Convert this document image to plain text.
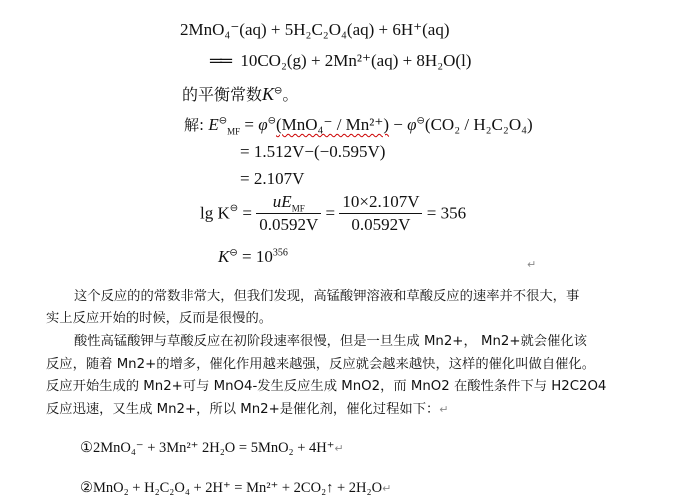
2MnO₄⁻(aq) + 5H₂C₂O₄(aq) + 6H⁺(aq)
══ 10CO₂(g) + 2Mn²⁺(aq) + 8H₂O(l)
的平衡常数K⊖。
解: $E^⊖_{MF} = \varphi^⊖(MnO_4^- / Mn^{2+}) - \varphi^⊖(CO_2 / H_2C_2O_4)$
= 1.512V−(−0.595V)
= 2.107V
$\lg K^⊖ = \frac{uE_{MF}}{0.0592V} = \frac{10\times 2.107V}{0.0592V} = 356$
$K^⊖ = 10^{356}$
↵
这个反应的的常数非常大，但我们发现，高锰酸钾溶液和草酸反应的速率并不很大，事
实上反应开始的时候，反而是很慢的。
酸性高锰酸钾与草酸反应在初阶段速率很慢，但是一旦生成 Mn2+， Mn2+就会催化该
反应，随着 Mn2+的增多，催化作用越来越强，反应就会越来越快，这样的催化叫做自催化。
反应开始生成的 Mn2+可与 MnO4-发生反应生成 MnO2，而 MnO2 在酸性条件下与 H2C2O4
反应迅速，又生成 Mn2+，所以 Mn2+是催化剂，催化过程如下：↵
①2MnO₄⁻ + 3Mn²⁺ 2H₂O = 5MnO₂ + 4H⁺↵
②MnO₂ + H₂C₂O₄ + 2H⁺ = Mn²⁺ + 2CO₂↑ + 2H₂O↵
